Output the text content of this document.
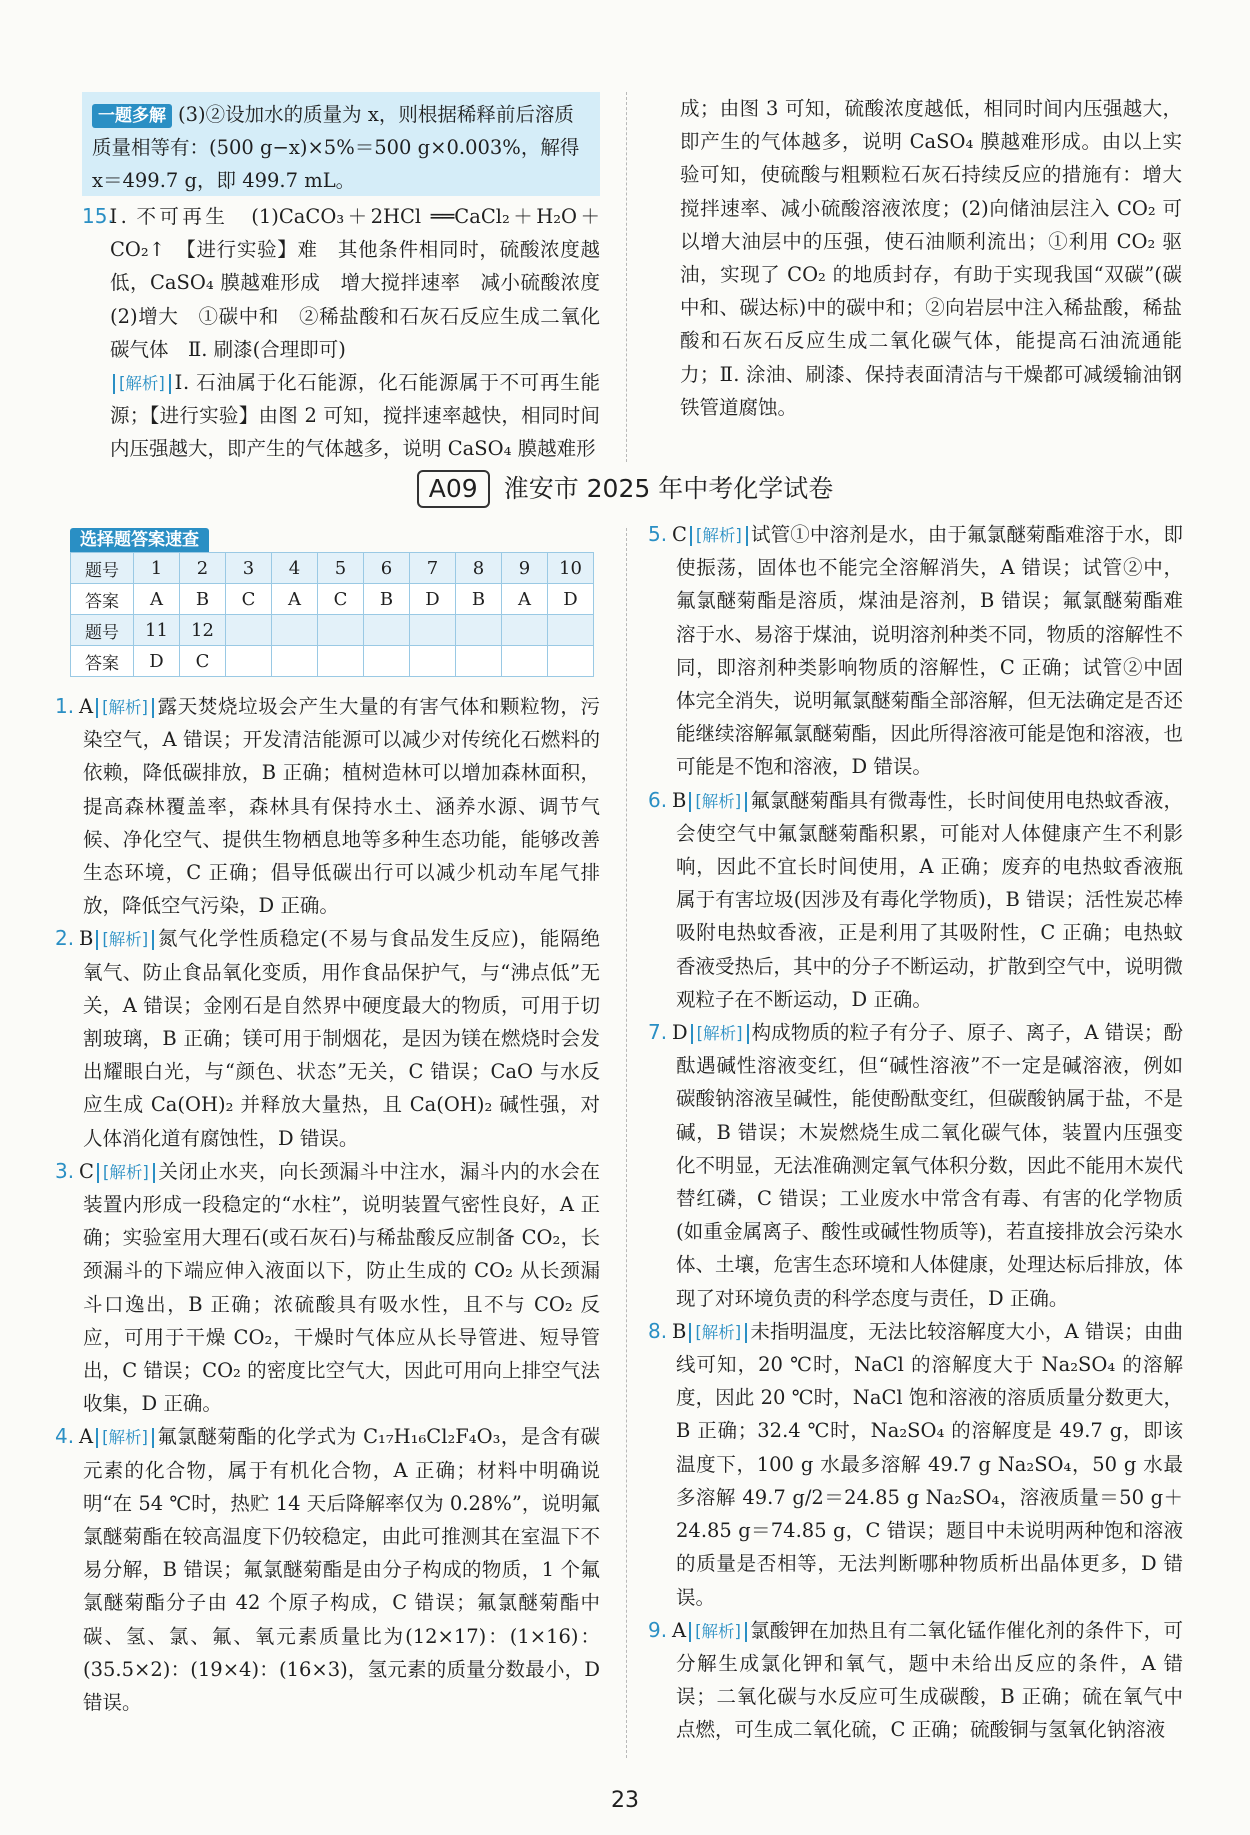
一题多解 (3)②设加水的质量为 x，则根据稀释前后溶质质量相等有：(500 g−x)×5%＝500 g×0.003%，解得 x＝499.7 g，即 499.7 mL。

15.Ⅰ. 不可再生　(1)CaCO₃＋2HCl ══CaCl₂＋H₂O＋CO₂↑　【进行实验】难　其他条件相同时，硫酸浓度越低，CaSO₄ 膜越难形成　增大搅拌速率　减小硫酸浓度　(2)增大　①碳中和　②稀盐酸和石灰石反应生成二氧化碳气体　Ⅱ. 刷漆(合理即可)

[解析] Ⅰ. 石油属于化石能源，化石能源属于不可再生能源；【进行实验】由图 2 可知，搅拌速率越快，相同时间内压强越大，即产生的气体越多，说明 CaSO₄ 膜越难形

成；由图 3 可知，硫酸浓度越低，相同时间内压强越大，即产生的气体越多，说明 CaSO₄ 膜越难形成。由以上实验可知，使硫酸与粗颗粒石灰石持续反应的措施有：增大搅拌速率、减小硫酸溶液浓度；(2)向储油层注入 CO₂ 可以增大油层中的压强，使石油顺利流出；①利用 CO₂ 驱油，实现了 CO₂ 的地质封存，有助于实现我国“双碳”(碳中和、碳达标)中的碳中和；②向岩层中注入稀盐酸，稀盐酸和石灰石反应生成二氧化碳气体，能提高石油流通能力；Ⅱ. 涂油、刷漆、保持表面清洁与干燥都可减缓输油钢铁管道腐蚀。

A09 淮安市 2025 年中考化学试卷
选择题答案速查
题号	1	2	3	4	5	6	7	8	9	10
答案	A	B	C	A	C	B	D	B	A	D
题号	11	12								
答案	D	C								

1. A [解析] 露天焚烧垃圾会产生大量的有害气体和颗粒物，污染空气，A 错误；开发清洁能源可以减少对传统化石燃料的依赖，降低碳排放，B 正确；植树造林可以增加森林面积，提高森林覆盖率，森林具有保持水土、涵养水源、调节气候、净化空气、提供生物栖息地等多种生态功能，能够改善生态环境，C 正确；倡导低碳出行可以减少机动车尾气排放，降低空气污染，D 正确。

2. B [解析] 氮气化学性质稳定(不易与食品发生反应)，能隔绝氧气、防止食品氧化变质，用作食品保护气，与“沸点低”无关，A 错误；金刚石是自然界中硬度最大的物质，可用于切割玻璃，B 正确；镁可用于制烟花，是因为镁在燃烧时会发出耀眼白光，与“颜色、状态”无关，C 错误；CaO 与水反应生成 Ca(OH)₂ 并释放大量热，且 Ca(OH)₂ 碱性强，对人体消化道有腐蚀性，D 错误。

3. C [解析] 关闭止水夹，向长颈漏斗中注水，漏斗内的水会在装置内形成一段稳定的“水柱”，说明装置气密性良好，A 正确；实验室用大理石(或石灰石)与稀盐酸反应制备 CO₂，长颈漏斗的下端应伸入液面以下，防止生成的 CO₂ 从长颈漏斗口逸出，B 正确；浓硫酸具有吸水性，且不与 CO₂ 反应，可用于干燥 CO₂，干燥时气体应从长导管进、短导管出，C 错误；CO₂ 的密度比空气大，因此可用向上排空气法收集，D 正确。

4. A [解析] 氟氯醚菊酯的化学式为 C₁₇H₁₆Cl₂F₄O₃，是含有碳元素的化合物，属于有机化合物，A 正确；材料中明确说明“在 54 ℃时，热贮 14 天后降解率仅为 0.28%”，说明氟氯醚菊酯在较高温度下仍较稳定，由此可推测其在室温下不易分解，B 错误；氟氯醚菊酯是由分子构成的物质，1 个氟氯醚菊酯分子由 42 个原子构成，C 错误；氟氯醚菊酯中碳、氢、氯、氟、氧元素质量比为(12×17)：(1×16)：(35.5×2)：(19×4)：(16×3)，氢元素的质量分数最小，D 错误。

5. C [解析] 试管①中溶剂是水，由于氟氯醚菊酯难溶于水，即使振荡，固体也不能完全溶解消失，A 错误；试管②中，氟氯醚菊酯是溶质，煤油是溶剂，B 错误；氟氯醚菊酯难溶于水、易溶于煤油，说明溶剂种类不同，物质的溶解性不同，即溶剂种类影响物质的溶解性，C 正确；试管②中固体完全消失，说明氟氯醚菊酯全部溶解，但无法确定是否还能继续溶解氟氯醚菊酯，因此所得溶液可能是饱和溶液，也可能是不饱和溶液，D 错误。

6. B [解析] 氟氯醚菊酯具有微毒性，长时间使用电热蚊香液，会使空气中氟氯醚菊酯积累，可能对人体健康产生不利影响，因此不宜长时间使用，A 正确；废弃的电热蚊香液瓶属于有害垃圾(因涉及有毒化学物质)，B 错误；活性炭芯棒吸附电热蚊香液，正是利用了其吸附性，C 正确；电热蚊香液受热后，其中的分子不断运动，扩散到空气中，说明微观粒子在不断运动，D 正确。

7. D [解析] 构成物质的粒子有分子、原子、离子，A 错误；酚酞遇碱性溶液变红，但“碱性溶液”不一定是碱溶液，例如碳酸钠溶液呈碱性，能使酚酞变红，但碳酸钠属于盐，不是碱，B 错误；木炭燃烧生成二氧化碳气体，装置内压强变化不明显，无法准确测定氧气体积分数，因此不能用木炭代替红磷，C 错误；工业废水中常含有毒、有害的化学物质(如重金属离子、酸性或碱性物质等)，若直接排放会污染水体、土壤，危害生态环境和人体健康，处理达标后排放，体现了对环境负责的科学态度与责任，D 正确。

8. B [解析] 未指明温度，无法比较溶解度大小，A 错误；由曲线可知，20 ℃时，NaCl 的溶解度大于 Na₂SO₄ 的溶解度，因此 20 ℃时，NaCl 饱和溶液的溶质质量分数更大，B 正确；32.4 ℃时，Na₂SO₄ 的溶解度是 49.7 g，即该温度下，100 g 水最多溶解 49.7 g Na₂SO₄，50 g 水最多溶解 49.7 g/2＝24.85 g Na₂SO₄，溶液质量＝50 g＋24.85 g＝74.85 g，C 错误；题目中未说明两种饱和溶液的质量是否相等，无法判断哪种物质析出晶体更多，D 错误。

9. A [解析] 氯酸钾在加热且有二氧化锰作催化剂的条件下，可分解生成氯化钾和氧气，题中未给出反应的条件，A 错误；二氧化碳与水反应可生成碳酸，B 正确；硫在氧气中点燃，可生成二氧化硫，C 正确；硫酸铜与氢氧化钠溶液

23
